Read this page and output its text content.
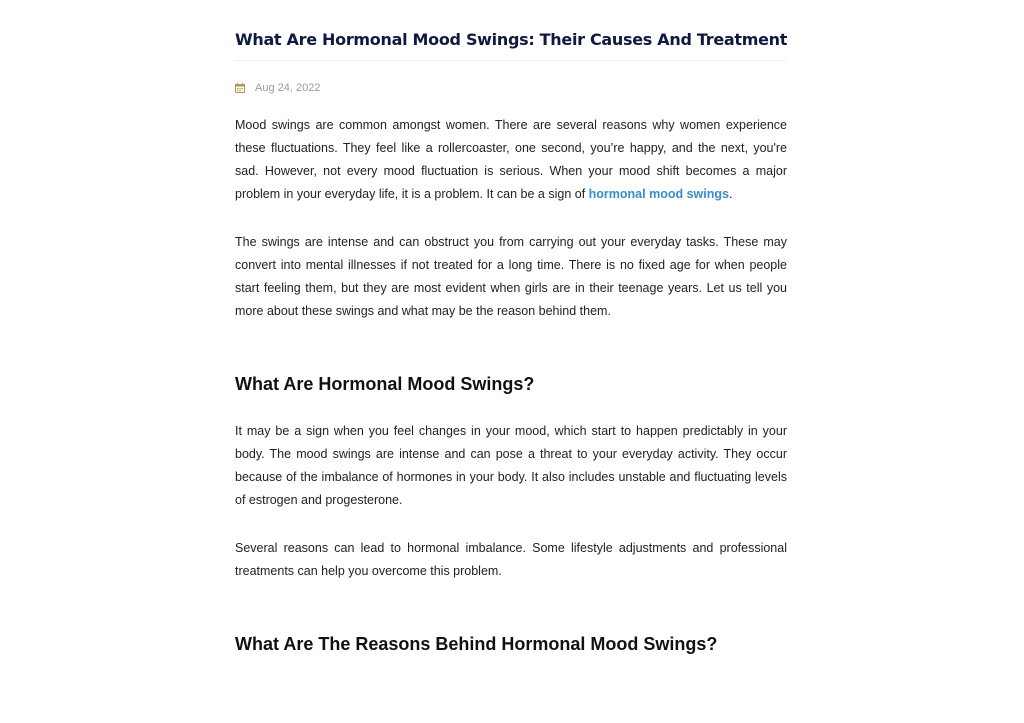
What Are Hormonal Mood Swings: Their Causes And Treatment
Aug 24, 2022

Mood swings are common amongst women. There are several reasons why women experience these fluctuations. They feel like a rollercoaster, one second, you’re happy, and the next, you're sad. However, not every mood fluctuation is serious. When your mood shift becomes a major problem in your everyday life, it is a problem. It can be a sign of hormonal mood swings.

The swings are intense and can obstruct you from carrying out your everyday tasks. These may convert into mental illnesses if not treated for a long time. There is no fixed age for when people start feeling them, but they are most evident when girls are in their teenage years. Let us tell you more about these swings and what may be the reason behind them.

What Are Hormonal Mood Swings?

It may be a sign when you feel changes in your mood, which start to happen predictably in your body. The mood swings are intense and can pose a threat to your everyday activity. They occur because of the imbalance of hormones in your body. It also includes unstable and fluctuating levels of estrogen and progesterone.

Several reasons can lead to hormonal imbalance. Some lifestyle adjustments and professional treatments can help you overcome this problem.

What Are The Reasons Behind Hormonal Mood Swings?
